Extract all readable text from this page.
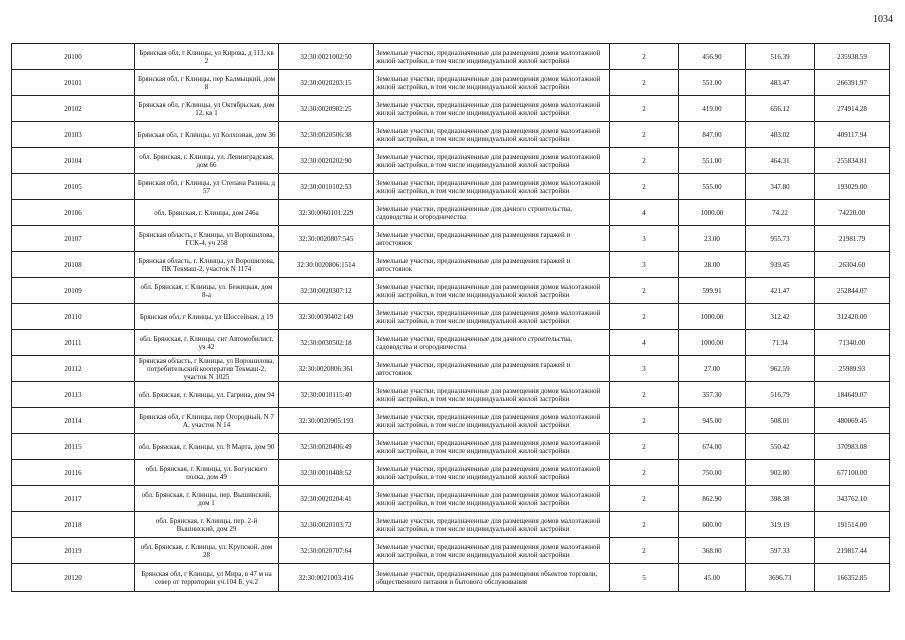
1034
20100	Брянская обл, г Клинцы, ул Кирова, д 113, кв 2	32:30:0021002:50	Земельные участки, предназначенные для размещения домов малоэтажной жилой застройки, в том числе индивидуальной жилой застройки	2	456.90	516.39	235938.59
20101	Брянская обл, г Клинцы, пер Калмыцкий, дом 8	32:30:0020203:15	Земельные участки, предназначенные для размещения домов малоэтажной жилой застройки, в том числе индивидуальной жилой застройки	2	551.00	483.47	266391.97
20102	Брянская обл, г Клинцы, ул Октябрьская, дом 12, кв 1	32:30:0020902:25	Земельные участки, предназначенные для размещения домов малоэтажной жилой застройки, в том числе индивидуальной жилой застройки	2	419.00	656.12	274914.28
20103	Брянская обл, г Клинцы, ул Колхозная, дом 36	32:30:0020506:38	Земельные участки, предназначенные для размещения домов малоэтажной жилой застройки, в том числе индивидуальной жилой застройки	2	847.00	483.02	409117.94
20104	обл. Брянская, г. Клинцы, ул. Ленинградская, дом 66	32:30:0020202:90	Земельные участки, предназначенные для размещения домов малоэтажной жилой застройки, в том числе индивидуальной жилой застройки	2	551.00	464.31	255834.81
20105	Брянская обл, г Клинцы, ул Степана Разина, д 57	32:30:0010102:53	Земельные участки, предназначенные для размещения домов малоэтажной жилой застройки, в том числе индивидуальной жилой застройки	2	555.00	347.80	193029.00
20106	обл. Брянская, г. Клинцы, дом 246а	32:30:0060101:229	Земельные участки, предназначенные для дачного строительства, садоводства и огородничества	4	1000.00	74.22	74220.00
20107	Брянская область, г Клинцы, ул Ворошилова, ГСК-4, уч 258	32:30:0020807:545	Земельные участки, предназначенные для размещения гаражей и автостоянок	3	23.00	955.73	21981.79
20108	Брянская область, г. Клинцы, ул Ворошилова, ПК Текмаш-2, участок N 1174	32:30:0020806:1514	Земельные участки, предназначенные для размещения гаражей и автостоянок	3	28.00	939.45	26304.60
20109	обл. Брянская, г. Клинцы, ул. Бежицкая, дом 8-а	32:30:0020307:12	Земельные участки, предназначенные для размещения домов малоэтажной жилой застройки, в том числе индивидуальной жилой застройки	2	599.91	421.47	252844.07
20110	Брянская обл, г Клинцы, ул Шоссейная, д 19	32:30:0030402:149	Земельные участки, предназначенные для размещения домов малоэтажной жилой застройки, в том числе индивидуальной жилой застройки	2	1000.00	312.42	312420.00
20111	обл. Брянская, г. Клинцы, снт Автомобилист, уч 42	32:30:0030502:18	Земельные участки, предназначенные для дачного строительства, садоводства и огородничества	4	1000.00	71.34	71340.00
20112	Брянская область, г Клинцы, ул Ворошилова, потребительский кооператив Текмаш-2, участок N 1025	32:30:0020806:361	Земельные участки, предназначенные для размещения гаражей и автостоянок	3	27.00	962.59	25989.93
20113	обл. Брянская, г. Клинцы, ул. Гагрина, дом 94	32:30:0010115:40	Земельные участки, предназначенные для размещения домов малоэтажной жилой застройки, в том числе индивидуальной жилой застройки	2	357.30	516.79	184649.07
20114	Брянская обл, г Клинцы, пер Огородный, N 7 А, участок N 14	32:30:0020905:193	Земельные участки, предназначенные для размещения домов малоэтажной жилой застройки, в том числе индивидуальной жилой застройки	2	945.00	508.01	480069.45
20115	обл. Брянская, г. Клинцы, ул. 8 Марта, дом 90	32:30:0020406:49	Земельные участки, предназначенные для размещения домов малоэтажной жилой застройки, в том числе индивидуальной жилой застройки	2	674.00	550.42	370983.08
20116	обл. Брянская, г. Клинцы, ул. Богунского полка, дом 49	32:30:0010408:52	Земельные участки, предназначенные для размещения домов малоэтажной жилой застройки, в том числе индивидуальной жилой застройки	2	750.00	902.80	677100.00
20117	обл. Брянская, г. Клинцы, пер. Вышинский, дом 1	32:30:0020204:41	Земельные участки, предназначенные для размещения домов малоэтажной жилой застройки, в том числе индивидуальной жилой застройки	2	862.90	398.38	343762.10
20118	обл. Брянская, г. Клинцы, пер. 2-й Вышинский, дом 29	32:30:0020103:72	Земельные участки, предназначенные для размещения домов малоэтажной жилой застройки, в том числе индивидуальной жилой застройки	2	600.00	319.19	191514.00
20119	обл. Брянская, г. Клинцы, ул. Крупской, дом 28	32:30:0020707:64	Земельные участки, предназначенные для размещения домов малоэтажной жилой застройки, в том числе индивидуальной жилой застройки	2	368.00	597.33	219817.44
20120	Брянская обл, г Клинцы, ул Мира, в 47 м на север от территории уч.104 Б, уч.2	32:30:0021003:416	Земельные участки, предназначенные для размещения объектов торговли, общественного питания и бытового обслуживания	5	45.00	3696.73	166352.85
